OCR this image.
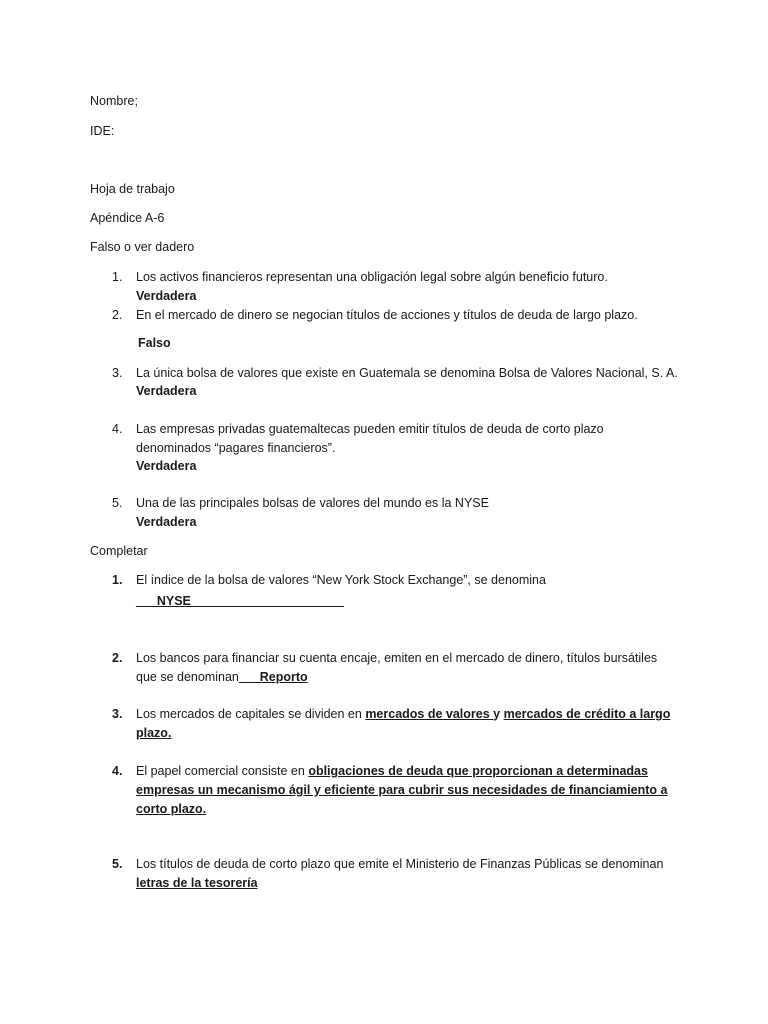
Nombre;
IDE:
Hoja de trabajo
Apéndice A-6
Falso o ver dadero
1. Los activos financieros representan una obligación legal sobre algún beneficio futuro.
Verdadera
2. En el mercado de dinero se negocian títulos de acciones y títulos de deuda de largo plazo.
Falso
3. La única bolsa de valores que existe en Guatemala se denomina Bolsa de Valores Nacional, S. A.
Verdadera
4. Las empresas privadas guatemaltecas pueden emitir títulos de deuda de corto plazo
denominados “pagares financieros”.
Verdadera
5. Una de las principales bolsas de valores del mundo es la NYSE
Verdadera
Completar
1. El índice de la bolsa de valores “New York Stock Exchange”, se denomina
___NYSE______________________
2. Los bancos para financiar su cuenta encaje, emiten en el mercado de dinero, títulos bursátiles
que se denominan___Reporto
3. Los mercados de capitales se dividen en mercados de valores y mercados de crédito a largo
plazo.
4. El papel comercial consiste en obligaciones de deuda que proporcionan a determinadas
empresas un mecanismo ágil y eficiente para cubrir sus necesidades de financiamiento a
corto plazo.
5. Los títulos de deuda de corto plazo que emite el Ministerio de Finanzas Públicas se denominan
letras de la tesorería
